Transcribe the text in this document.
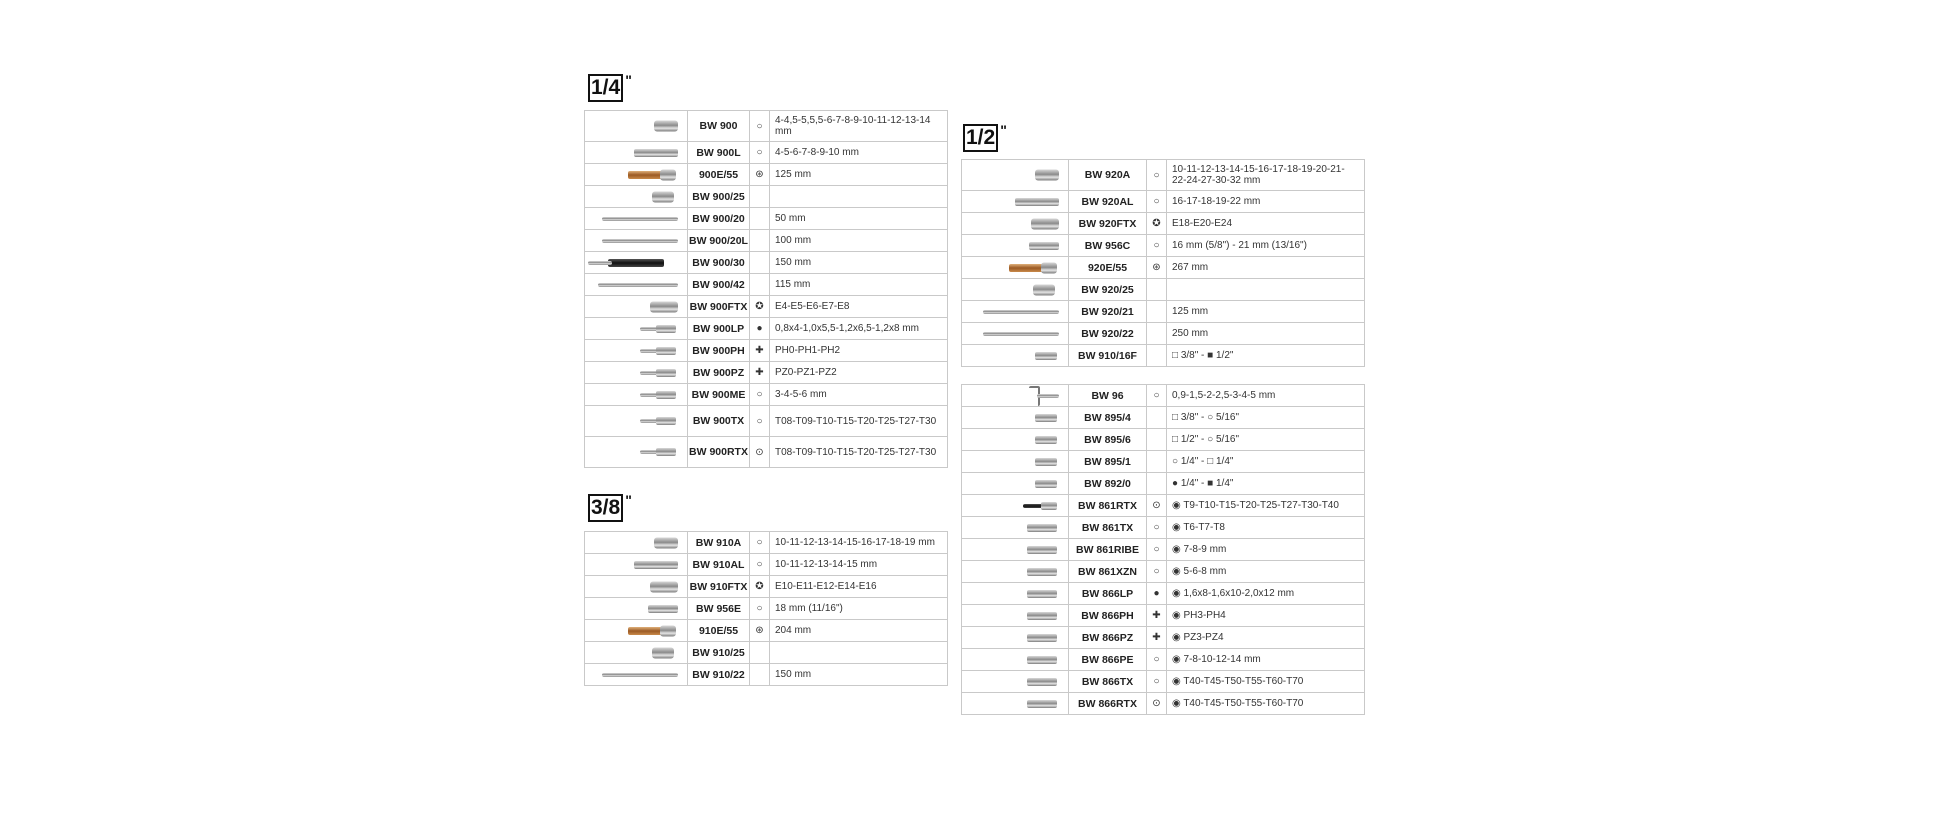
1/4 "
	BW 900	○	4-4,5-5,5,5-6-7-8-9-10-11-12-13-14 mm

	BW 900L	○	4-5-6-7-8-9-10 mm

	900E/55	⊛	125 mm

	BW 900/25		

	BW 900/20		50 mm

	BW 900/20L		100 mm

	BW 900/30		150 mm

	BW 900/42		115 mm

	BW 900FTX	✪	E4-E5-E6-E7-E8

	BW 900LP	●	0,8x4-1,0x5,5-1,2x6,5-1,2x8 mm

	BW 900PH	✚	PH0-PH1-PH2

	BW 900PZ	✚	PZ0-PZ1-PZ2

	BW 900ME	○	3-4-5-6 mm

	BW 900TX	○	T08-T09-T10-T15-T20-T25-T27-T30

	BW 900RTX	⊙	T08-T09-T10-T15-T20-T25-T27-T30
3/8 "
	BW 910A	○	10-11-12-13-14-15-16-17-18-19 mm

	BW 910AL	○	10-11-12-13-14-15 mm

	BW 910FTX	✪	E10-E11-E12-E14-E16

	BW 956E	○	18 mm (11/16")

	910E/55	⊛	204 mm

	BW 910/25		

	BW 910/22		150 mm
1/2 "
	BW 920A	○	10-11-12-13-14-15-16-17-18-19-20-21-22-24-27-30-32 mm

	BW 920AL	○	16-17-18-19-22 mm

	BW 920FTX	✪	E18-E20-E24

	BW 956C	○	16 mm (5/8") - 21 mm (13/16")

	920E/55	⊛	267 mm

	BW 920/25		

	BW 920/21		125 mm

	BW 920/22		250 mm

	BW 910/16F		□ 3/8" - ■ 1/2"
	BW 96	○	0,9-1,5-2-2,5-3-4-5 mm

	BW 895/4		□ 3/8" - ○ 5/16"

	BW 895/6		□ 1/2" - ○ 5/16"

	BW 895/1		○ 1/4" - □ 1/4"

	BW 892/0		● 1/4" - ■ 1/4"

	BW 861RTX	⊙	◉ T9-T10-T15-T20-T25-T27-T30-T40

	BW 861TX	○	◉ T6-T7-T8

	BW 861RIBE	○	◉ 7-8-9 mm

	BW 861XZN	○	◉ 5-6-8 mm

	BW 866LP	●	◉ 1,6x8-1,6x10-2,0x12 mm

	BW 866PH	✚	◉ PH3-PH4

	BW 866PZ	✚	◉ PZ3-PZ4

	BW 866PE	○	◉ 7-8-10-12-14 mm

	BW 866TX	○	◉ T40-T45-T50-T55-T60-T70

	BW 866RTX	⊙	◉ T40-T45-T50-T55-T60-T70
